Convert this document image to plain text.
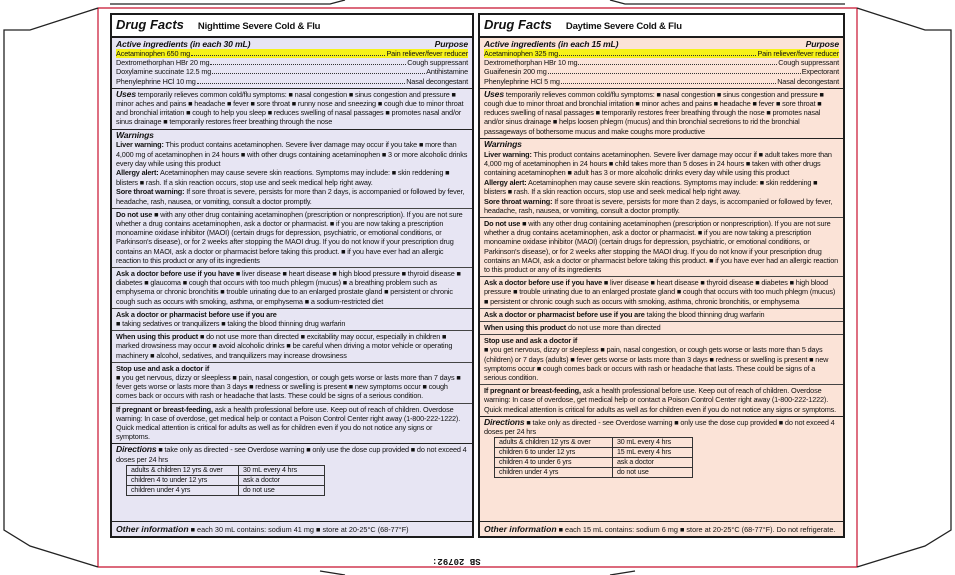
Drug Facts Nighttime Severe Cold & Flu
Active ingredients (in each 30 mL)	Purpose
Acetaminophen 650 mg	Pain reliever/fever reducer
Dextromethorphan HBr 20 mg	Cough suppressant
Doxylamine succinate 12.5 mg	Antihistamine
Phenylephrine HCl 10 mg	Nasal decongestant
Uses temporarily relieves common cold/flu symptoms: ■ nasal congestion ■ sinus congestion and pressure ■ minor aches and pains ■ headache ■ fever ■ sore throat ■ runny nose and sneezing ■ cough due to minor throat and bronchial irritation ■ cough to help you sleep ■ reduces swelling of nasal passages ■ promotes nasal and/or sinus drainage ■ temporarily restores freer breathing through the nose
Warnings
Liver warning: This product contains acetaminophen. Severe liver damage may occur if you take ■ more than 4,000 mg of acetaminophen in 24 hours ■ with other drugs containing acetaminophen ■ 3 or more alcoholic drinks every day while using this product
Allergy alert: Acetaminophen may cause severe skin reactions. Symptoms may include: ■ skin reddening ■ blisters ■ rash. If a skin reaction occurs, stop use and seek medical help right away.
Sore throat warning: If sore throat is severe, persists for more than 2 days, is accompanied or followed by fever, headache, rash, nausea, or vomiting, consult a doctor promptly.
Do not use ■ with any other drug containing acetaminophen (prescription or nonprescription). If you are not sure whether a drug contains acetaminophen, ask a doctor or pharmacist. ■ if you are now taking a prescription monoamine oxidase inhibitor (MAOI) (certain drugs for depression, psychiatric, or emotional conditions, or Parkinson's disease), or for 2 weeks after stopping the MAOI drug. If you do not know if your prescription drug contains an MAOI, ask a doctor or pharmacist before taking this product. ■ if you have ever had an allergic reaction to this product or any of its ingredients
Ask a doctor before use if you have ■ liver disease ■ heart disease ■ high blood pressure ■ thyroid disease ■ diabetes ■ glaucoma ■ cough that occurs with too much phlegm (mucus) ■ a breathing problem such as emphysema or chronic bronchitis ■ trouble urinating due to an enlarged prostate gland ■ persistent or chronic cough such as occurs with smoking, asthma, or emphysema ■ a sodium-restricted diet
Ask a doctor or pharmacist before use if you are
■ taking sedatives or tranquilizers ■ taking the blood thinning drug warfarin
When using this product ■ do not use more than directed ■ excitability may occur, especially in children ■ marked drowsiness may occur ■ avoid alcoholic drinks ■ be careful when driving a motor vehicle or operating machinery ■ alcohol, sedatives, and tranquilizers may increase drowsiness
Stop use and ask a doctor if
■ you get nervous, dizzy or sleepless ■ pain, nasal congestion, or cough gets worse or lasts more than 7 days ■ fever gets worse or lasts more than 3 days ■ redness or swelling is present ■ new symptoms occur ■ cough comes back or occurs with rash or headache that lasts. These could be signs of a serious condition.
If pregnant or breast-feeding, ask a health professional before use. Keep out of reach of children. Overdose warning: In case of overdose, get medical help or contact a Poison Control Center right away (1-800-222-1222). Quick medical attention is critical for adults as well as for children even if you do not notice any signs or symptoms.
Directions ■ take only as directed - see Overdose warning ■ only use the dose cup provided ■ do not exceed 4 doses per 24 hrs
adults & children 12 yrs & over	30 mL every 4 hrs
children 4 to under 12 yrs	ask a doctor
children under 4 yrs	do not use
Other information ■ each 30 mL contains: sodium 41 mg ■ store at 20-25°C (68-77°F)
Drug Facts Daytime Severe Cold & Flu
Active ingredients (in each 15 mL)	Purpose
Acetaminophen 325 mg	Pain reliever/fever reducer
Dextromethorphan HBr 10 mg	Cough suppressant
Guaifenesin 200 mg	Expectorant
Phenylephrine HCl 5 mg	Nasal decongestant
Uses temporarily relieves common cold/flu symptoms: ■ nasal congestion ■ sinus congestion and pressure ■ cough due to minor throat and bronchial irritation ■ minor aches and pains ■ headache ■ fever ■ sore throat ■ reduces swelling of nasal passages ■ temporarily restores freer breathing through the nose ■ promotes nasal and/or sinus drainage ■ helps loosen phlegm (mucus) and thin bronchial secretions to rid the bronchial passageways of bothersome mucus and make coughs more productive
Warnings
Liver warning: This product contains acetaminophen. Severe liver damage may occur if ■ adult takes more than 4,000 mg of acetaminophen in 24 hours ■ child takes more than 5 doses in 24 hours ■ taken with other drugs containing acetaminophen ■ adult has 3 or more alcoholic drinks every day while using this product
Allergy alert: Acetaminophen may cause severe skin reactions. Symptoms may include: ■ skin reddening ■ blisters ■ rash. If a skin reaction occurs, stop use and seek medical help right away.
Sore throat warning: If sore throat is severe, persists for more than 2 days, is accompanied or followed by fever, headache, rash, nausea, or vomiting, consult a doctor promptly.
Do not use ■ with any other drug containing acetaminophen (prescription or nonprescription). If you are not sure whether a drug contains acetaminophen, ask a doctor or pharmacist. ■ if you are now taking a prescription monoamine oxidase inhibitor (MAOI) (certain drugs for depression, psychiatric, or emotional conditions, or Parkinson's disease), or for 2 weeks after stopping the MAOI drug. If you do not know if your prescription drug contains an MAOI, ask a doctor or pharmacist before taking this product. ■ if you have ever had an allergic reaction to this product or any of its ingredients
Ask a doctor before use if you have ■ liver disease ■ heart disease ■ thyroid disease ■ diabetes ■ high blood pressure ■ trouble urinating due to an enlarged prostate gland ■ cough that occurs with too much phlegm (mucus) ■ persistent or chronic cough such as occurs with smoking, asthma, chronic bronchitis, or emphysema
Ask a doctor or pharmacist before use if you are taking the blood thinning drug warfarin
When using this product do not use more than directed
Stop use and ask a doctor if
■ you get nervous, dizzy or sleepless ■ pain, nasal congestion, or cough gets worse or lasts more than 5 days (children) or 7 days (adults) ■ fever gets worse or lasts more than 3 days ■ redness or swelling is present ■ new symptoms occur ■ cough comes back or occurs with rash or headache that lasts. These could be signs of a serious condition.
If pregnant or breast-feeding, ask a health professional before use. Keep out of reach of children. Overdose warning: In case of overdose, get medical help or contact a Poison Control Center right away (1-800-222-1222). Quick medical attention is critical for adults as well as for children even if you do not notice any signs or symptoms.
Directions ■ take only as directed - see Overdose warning ■ only use the dose cup provided ■ do not exceed 4 doses per 24 hrs
adults & children 12 yrs & over	30 mL every 4 hrs
children 6 to under 12 yrs	15 mL every 4 hrs
children 4 to under 6 yrs	ask a doctor
children under 4 yrs	do not use
Other information ■ each 15 mL contains: sodium 6 mg ■ store at 20-25°C (68-77°F). Do not refrigerate.
SB 20792:
